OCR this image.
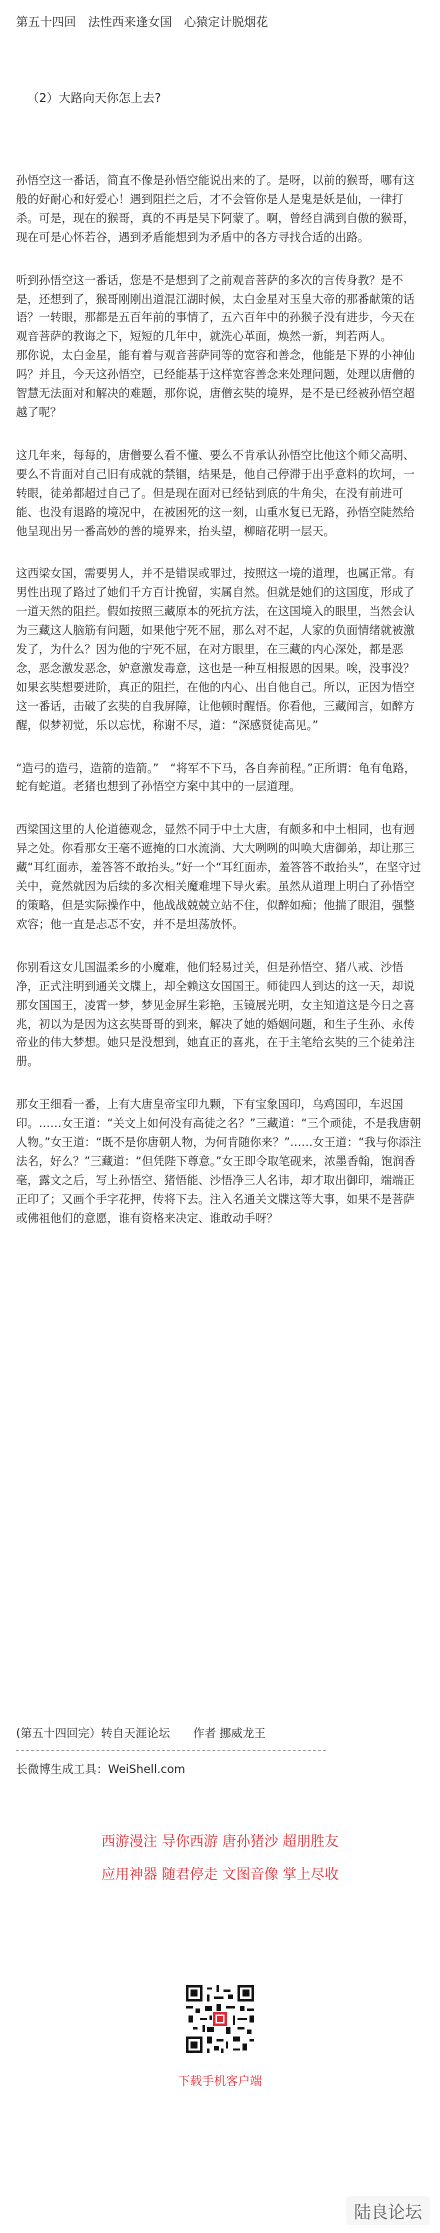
第五十四回　法性西来逢女国　心猿定计脱烟花
（2）大路向天你怎上去?

孙悟空这一番话，简直不像是孙悟空能说出来的了。是呀，以前的猴哥，哪有这般的好耐心和好爱心！遇到阻拦之后，才不会管你是人是鬼是妖是仙，一律打杀。可是，现在的猴哥，真的不再是吴下阿蒙了。啊，曾经自满到自傲的猴哥，现在可是心怀若谷，遇到矛盾能想到为矛盾中的各方寻找合适的出路。

听到孙悟空这一番话，您是不是想到了之前观音菩萨的多次的言传身教？是不是，还想到了，猴哥刚刚出道混江湖时候，太白金星对玉皇大帝的那番献策的话语？一转眼，那都是五百年前的事情了，五六百年中的孙猴子没有进步，今天在观音菩萨的教诲之下，短短的几年中，就洗心革面，焕然一新，判若两人。

那你说，太白金星，能有着与观音菩萨同等的宽容和善念，他能是下界的小神仙吗？并且，今天这孙悟空，已经能基于这样宽容善念来处理问题，处理以唐僧的智慧无法面对和解决的难题，那你说，唐僧玄奘的境界，是不是已经被孙悟空超越了呢？

这几年来，每每的，唐僧要么看不懂、要么不肯承认孙悟空比他这个师父高明、要么不肯面对自己旧有成就的禁锢，结果是，他自己停滞于出乎意料的坎坷，一转眼，徒弟都超过自己了。但是现在面对已经钻到底的牛角尖，在没有前进可能、也没有退路的境况中，在被困死的这一刻，山重水复已无路，孙悟空陡然给他呈现出另一番高妙的善的境界来，抬头望，柳暗花明一层天。

这西梁女国，需要男人，并不是错误或罪过，按照这一境的道理，也属正常。有男性出现了路过了她们千方百计挽留，实属自然。但就是她们的这国度，形成了一道天然的阻拦。假如按照三藏原本的死抗方法，在这国境入的眼里，当然会认为三藏这人脑筋有问题，如果他宁死不屈，那么对不起，人家的负面情绪就被激发了，为什么？因为他的宁死不屈，在对方眼里，在三藏的内心深处，都是恶念，恶念激发恶念，妒意激发毒意，这也是一种互相报恩的因果。唉，没事没？如果玄奘想要进阶，真正的阻拦，在他的内心、出自他自己。所以，正因为悟空这一番话，击破了玄奘的自我屏障，让他顿时醒悟。你看他，三藏闻言，如醉方醒，似梦初觉，乐以忘忧，称谢不尽，道：“深感贤徒高见。”

“造弓的造弓，造箭的造箭。”　“将军不下马，各自奔前程。”正所谓：龟有龟路，蛇有蛇道。老猪也想到了孙悟空方案中其中的一层道理。

西梁国这里的人伦道德观念，显然不同于中土大唐，有颇多和中土相同，也有迥异之处。你看那女王毫不遮掩的口水流淌、大大咧咧的叫唤大唐御弟，却让那三藏“耳红面赤，羞答答不敢抬头。”好一个“耳红面赤，羞答答不敢抬头”，在坚守过关中，竟然就因为后续的多次相关魔难埋下导火索。虽然从道理上明白了孙悟空的策略，但是实际操作中，他战战兢兢立站不住，似醉如痴；他揣了眼泪，强整欢容；他一直是忐忑不安，并不是坦荡放怀。

你别看这女儿国温柔乡的小魔难，他们轻易过关，但是孙悟空、猪八戒、沙悟净，正式注明到通关文牒上，却全赖这女国国王。师徒四人到达的这一天，却说那女国国王，凌霄一梦，梦见金屏生彩艳，玉镜展光明，女主知道这是今日之喜兆，初以为是因为这玄奘哥哥的到来，解决了她的婚姻问题，和生子生孙、永传帝业的伟大梦想。她只是没想到，她直正的喜兆，在于主笔给玄奘的三个徒弟注册。

那女王细看一番，上有大唐皇帝宝印九颗，下有宝象国印，乌鸡国印，车迟国印。……女王道：“关文上如何没有高徒之名？”三藏道：“三个顽徒，不是我唐朝人物。”女王道：“既不是你唐朝人物，为何肯随你来？”……女王道：“我与你添注法名，好么？”三藏道：“但凭陛下尊意。”女王即令取笔砚来，浓墨香翰，饱润香毫，露文之后，写上孙悟空、猪悟能、沙悟净三人名讳，却才取出御印，端端正正印了；又画个手字花押，传将下去。注入名通关文牒这等大事，如果不是菩萨或佛祖他们的意愿，谁有资格来决定、谁敢动手呀？

(第五十四回完）转自天涯论坛　　作者 挪威龙王
长微博生成工具：WeiShell.com
西游漫注 导你西游 唐孙猪沙 超朋胜友
应用神器 随君停走 文图音像 掌上尽收
下载手机客户端
陆良论坛
